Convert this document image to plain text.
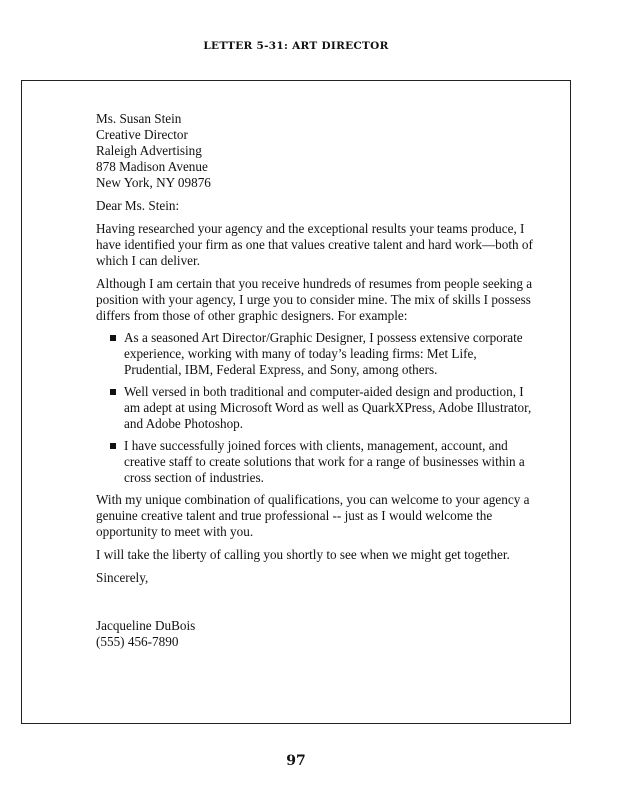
LETTER 5-31: ART DIRECTOR
Ms. Susan Stein
Creative Director
Raleigh Advertising
878 Madison Avenue
New York, NY 09876

Dear Ms. Stein:

Having researched your agency and the exceptional results your teams produce, I have identified your firm as one that values creative talent and hard work—both of which I can deliver.

Although I am certain that you receive hundreds of resumes from people seeking a position with your agency, I urge you to consider mine. The mix of skills I possess differs from those of other graphic designers. For example:

As a seasoned Art Director/Graphic Designer, I possess extensive corporate experience, working with many of today’s leading firms: Met Life, Prudential, IBM, Federal Express, and Sony, among others.
Well versed in both traditional and computer-aided design and production, I am adept at using Microsoft Word as well as QuarkXPress, Adobe Illustrator, and Adobe Photoshop.
I have successfully joined forces with clients, management, account, and creative staff to create solutions that work for a range of businesses within a cross section of industries.

With my unique combination of qualifications, you can welcome to your agency a genuine creative talent and true professional -- just as I would welcome the opportunity to meet with you.

I will take the liberty of calling you shortly to see when we might get together.

Sincerely,

Jacqueline DuBois
(555) 456-7890
97
